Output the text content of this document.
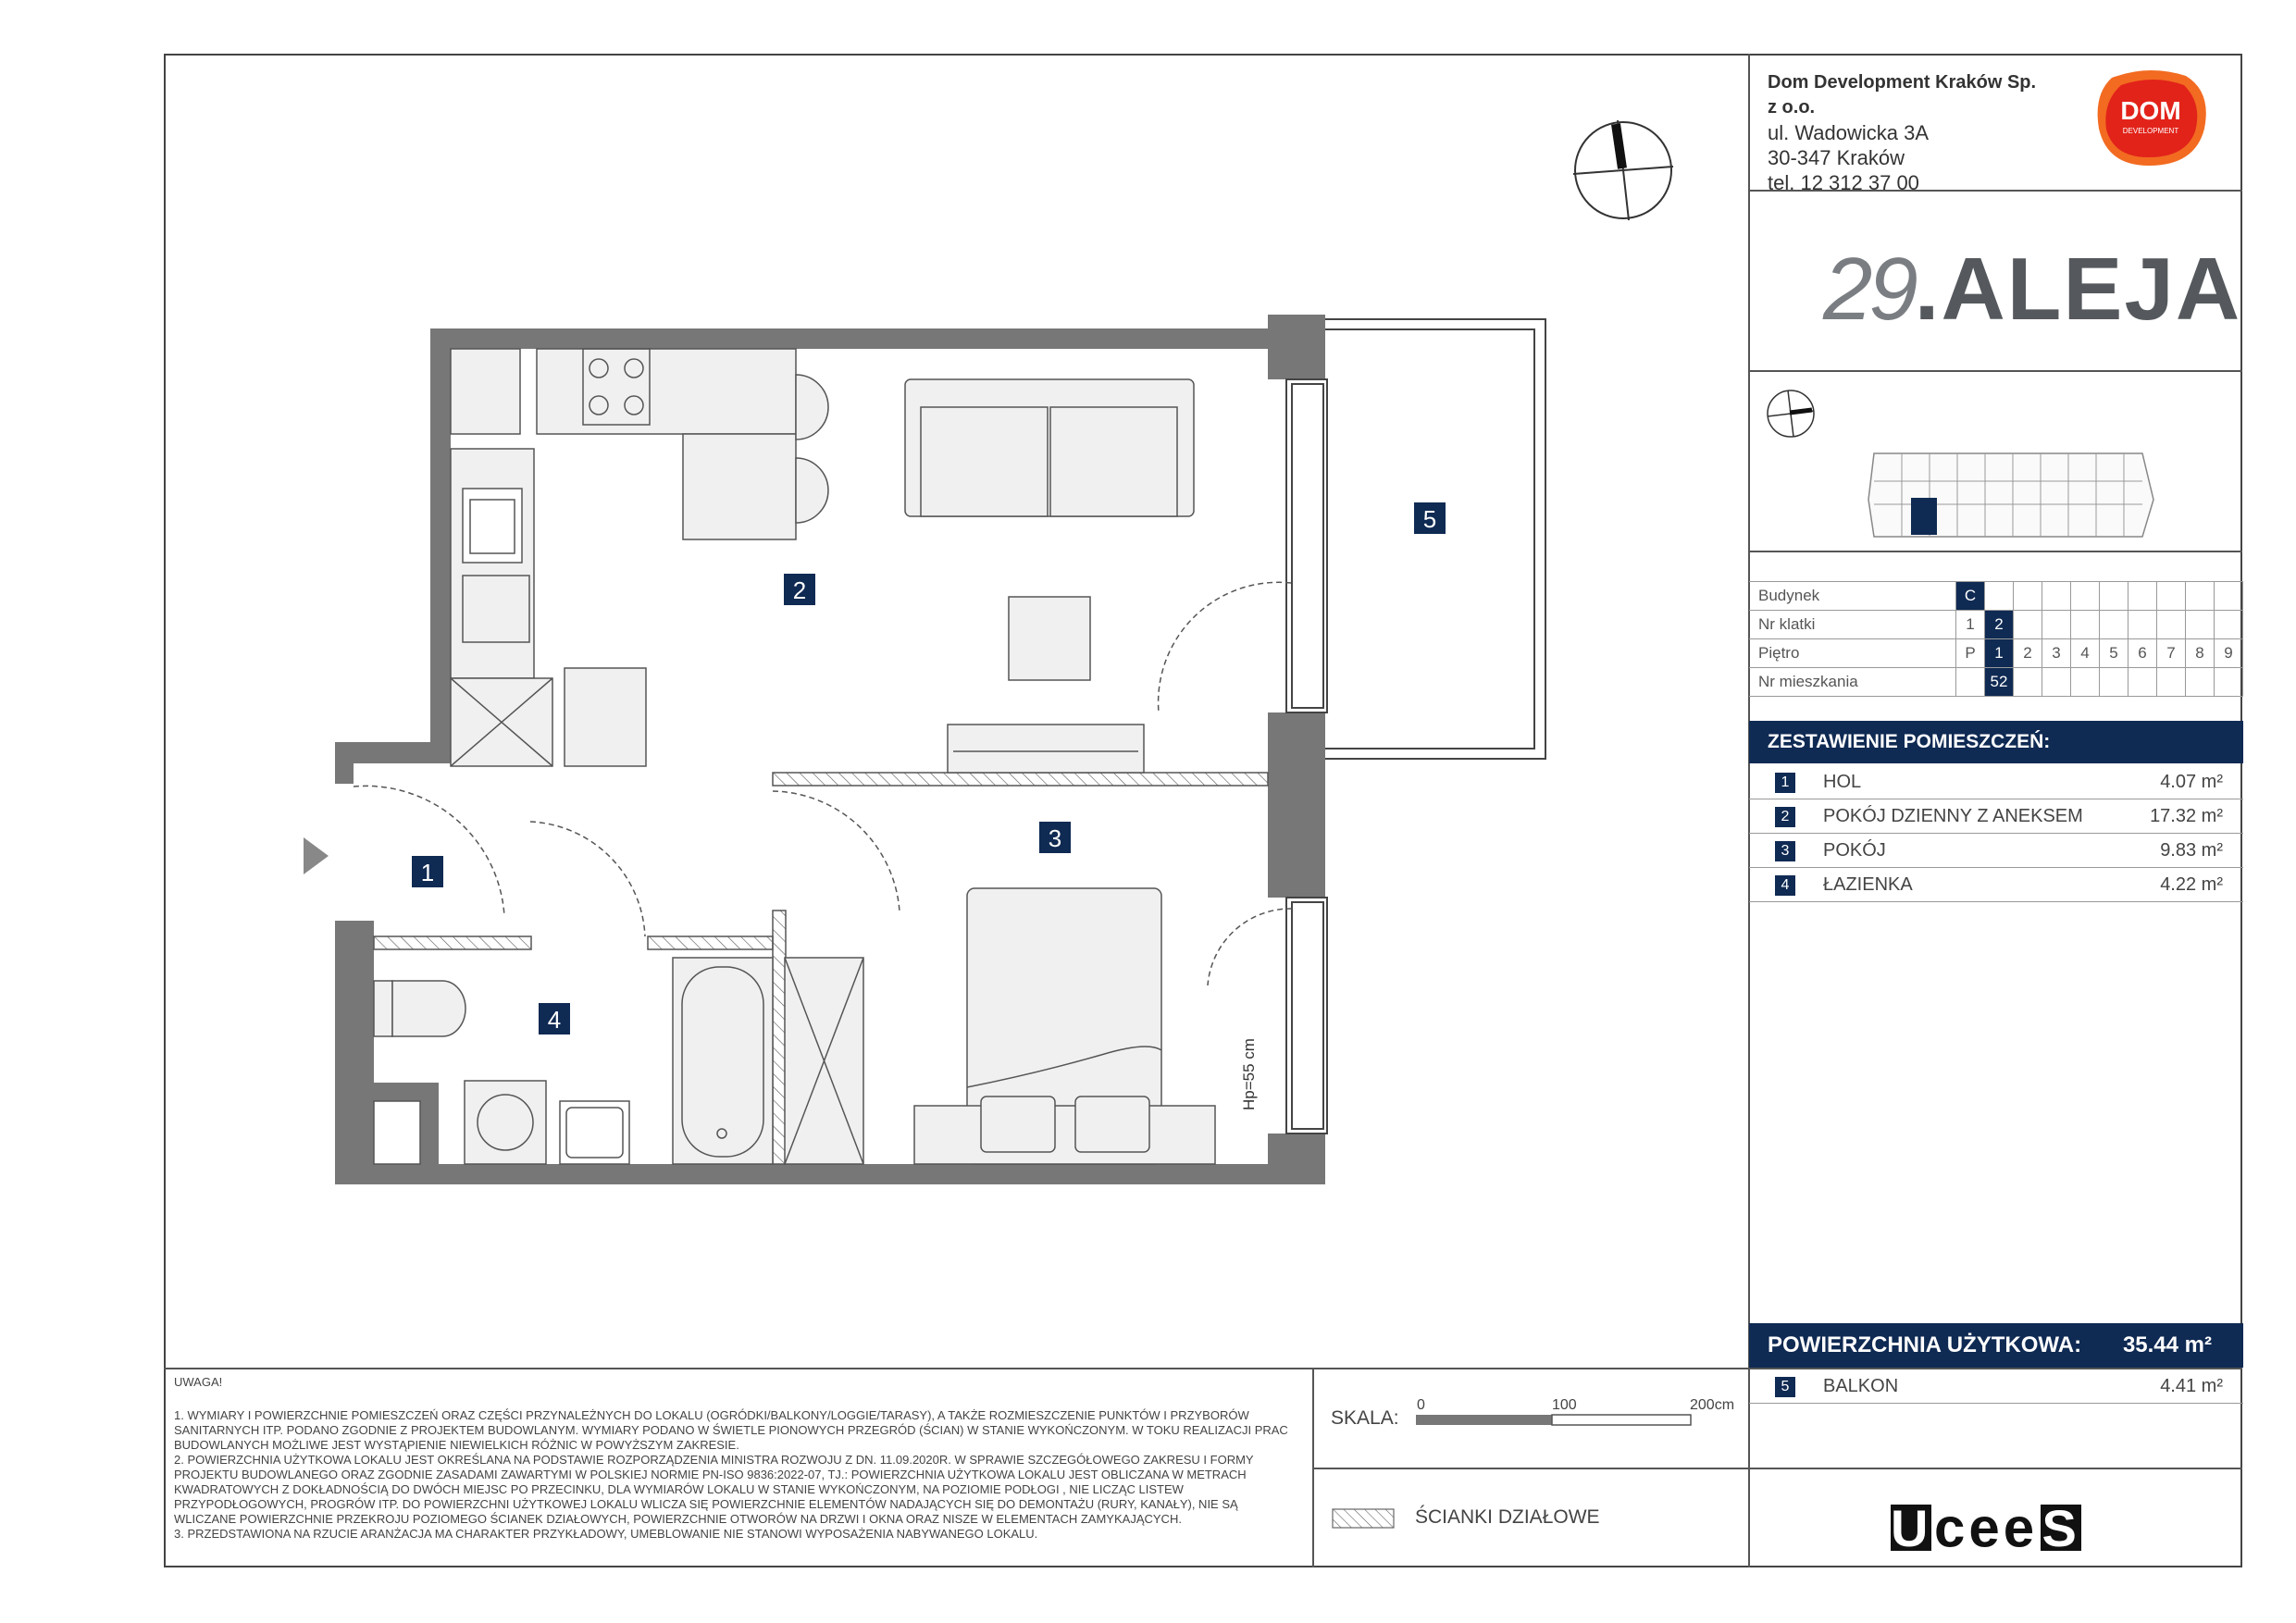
Dom Development Kraków Sp. z o.o.
ul. Wadowicka 3A
30-347 Kraków
tel. 12 312 37 00
DOM
DEVELOPMENT
29.ALEJA
Budynek	C									
Nr klatki	1	2								
Piętro	P	1	2	3	4	5	6	7	8	9
Nr mieszkania		52								
ZESTAWIENIE POMIESZCZEŃ:
1	HOL	4.07 m²
2	POKÓJ DZIENNY Z ANEKSEM	17.32 m²
3	POKÓJ	9.83 m²
4	ŁAZIENKA	4.22 m²
POWIERZCHNIA UŻYTKOWA: 35.44 m²
5	BALKON	4.41 m²

UWAGA!

1. WYMIARY I POWIERZCHNIE POMIESZCZEŃ ORAZ CZĘŚCI PRZYNALEŻNYCH DO LOKALU (OGRÓDKI/BALKONY/LOGGIE/TARASY), A TAKŻE ROZMIESZCZENIE PUNKTÓW I PRZYBORÓW SANITARNYCH ITP. PODANO ZGODNIE Z PROJEKTEM BUDOWLANYM. WYMIARY PODANO W ŚWIETLE PIONOWYCH PRZEGRÓD (ŚCIAN) W STANIE WYKOŃCZONYM. W TOKU REALIZACJI PRAC BUDOWLANYCH MOŻLIWE JEST WYSTĄPIENIE NIEWIELKICH RÓŻNIC W POWYŻSZYM ZAKRESIE.

2. POWIERZCHNIA UŻYTKOWA LOKALU JEST OKREŚLANA NA PODSTAWIE ROZPORZĄDZENIA MINISTRA ROZWOJU Z DN. 11.09.2020R. W SPRAWIE SZCZEGÓŁOWEGO ZAKRESU I FORMY PROJEKTU BUDOWLANEGO ORAZ ZGODNIE ZASADAMI ZAWARTYMI W POLSKIEJ NORMIE PN-ISO 9836:2022-07, TJ.: POWIERZCHNIA UŻYTKOWA LOKALU JEST OBLICZANA W METRACH KWADRATOWYCH Z DOKŁADNOŚCIĄ DO DWÓCH MIEJSC PO PRZECINKU, DLA WYMIARÓW LOKALU W STANIE WYKOŃCZONYM, NA POZIOMIE PODŁOGI , NIE LICZĄC LISTEW PRZYPODŁOGOWYCH, PROGRÓW ITP. DO POWIERZCHNI UŻYTKOWEJ LOKALU WLICZA SIĘ POWIERZCHNIE ELEMENTÓW NADAJĄCYCH SIĘ DO DEMONTAŻU (RURY, KANAŁY), NIE SĄ WLICZANE POWIERZCHNIE PRZEKROJU POZIOMEGO ŚCIANEK DZIAŁOWYCH, POWIERZCHNIE OTWORÓW NA DRZWI I OKNA ORAZ NISZE W ELEMENTACH ZAMYKAJĄCYCH.

3. PRZEDSTAWIONA NA RZUCIE ARANŻACJA MA CHARAKTER PRZYKŁADOWY, UMEBLOWANIE NIE STANOWI WYPOSAŻENIA NABYWANEGO LOKALU.

SKALA:
0	100	200cm
ŚCIANKI DZIAŁOWE	UceeS
1
2
3
4
5
Hp=55 cm
